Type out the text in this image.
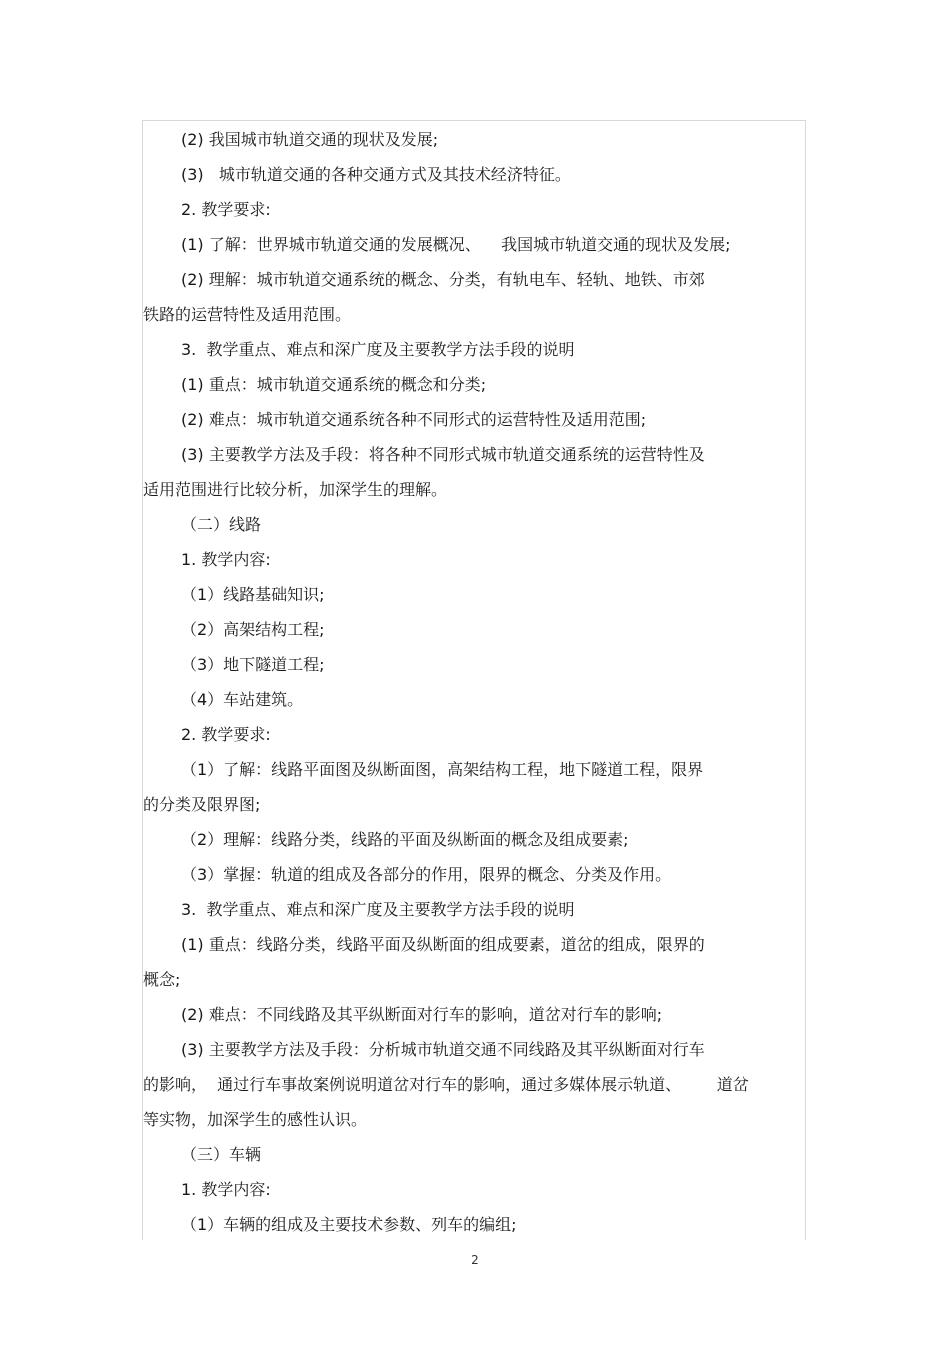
(2) 我国城市轨道交通的现状及发展;
(3)   城市轨道交通的各种交通方式及其技术经济特征。
2. 教学要求:
(1) 了解：世界城市轨道交通的发展概况、    我国城市轨道交通的现状及发展;
(2) 理解：城市轨道交通系统的概念、分类，有轨电车、轻轨、地铁、市郊
铁路的运营特性及适用范围。
3.  教学重点、难点和深广度及主要教学方法手段的说明
(1) 重点：城市轨道交通系统的概念和分类;
(2) 难点：城市轨道交通系统各种不同形式的运营特性及适用范围;
(3) 主要教学方法及手段：将各种不同形式城市轨道交通系统的运营特性及
适用范围进行比较分析，加深学生的理解。
（二）线路
1. 教学内容:
（1）线路基础知识;
（2）高架结构工程;
（3）地下隧道工程;
（4）车站建筑。
2. 教学要求:
（1）了解：线路平面图及纵断面图，高架结构工程，地下隧道工程，限界
的分类及限界图;
（2）理解：线路分类，线路的平面及纵断面的概念及组成要素;
（3）掌握：轨道的组成及各部分的作用，限界的概念、分类及作用。
3.  教学重点、难点和深广度及主要教学方法手段的说明
(1) 重点：线路分类，线路平面及纵断面的组成要素，道岔的组成，限界的
概念;
(2) 难点：不同线路及其平纵断面对行车的影响，道岔对行车的影响;
(3) 主要教学方法及手段：分析城市轨道交通不同线路及其平纵断面对行车
的影响，  通过行车事故案例说明道岔对行车的影响，通过多媒体展示轨道、       道岔
等实物，加深学生的感性认识。
（三）车辆
1. 教学内容:
（1）车辆的组成及主要技术参数、列车的编组;
2
